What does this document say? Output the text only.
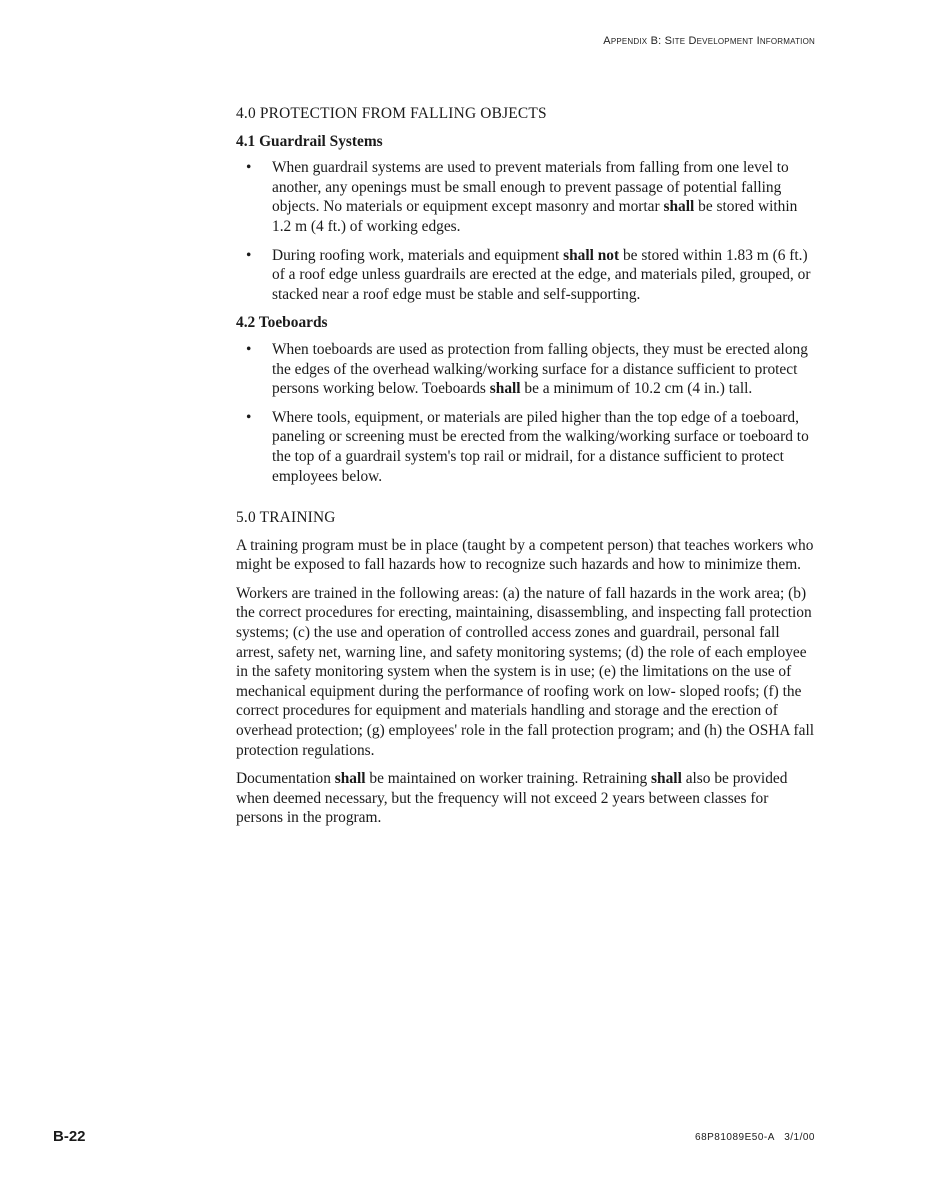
Appendix B: Site Development Information
4.0 PROTECTION FROM FALLING OBJECTS
4.1 Guardrail Systems
• When guardrail systems are used to prevent materials from falling from one level to another, any openings must be small enough to prevent passage of potential falling objects. No materials or equipment except masonry and mortar shall be stored within 1.2 m (4 ft.) of working edges.
• During roofing work, materials and equipment shall not be stored within 1.83 m (6 ft.) of a roof edge unless guardrails are erected at the edge, and materials piled, grouped, or stacked near a roof edge must be stable and self-supporting.
4.2 Toeboards
• When toeboards are used as protection from falling objects, they must be erected along the edges of the overhead walking/working surface for a distance sufficient to protect persons working below. Toeboards shall be a minimum of 10.2 cm (4 in.) tall.
• Where tools, equipment, or materials are piled higher than the top edge of a toeboard, paneling or screening must be erected from the walking/working surface or toeboard to the top of a guardrail system's top rail or midrail, for a distance sufficient to protect employees below.
5.0 TRAINING

A training program must be in place (taught by a competent person) that teaches workers who might be exposed to fall hazards how to recognize such hazards and how to minimize them.

Workers are trained in the following areas: (a) the nature of fall hazards in the work area; (b) the correct procedures for erecting, maintaining, disassembling, and inspecting fall protection systems; (c) the use and operation of controlled access zones and guardrail, personal fall arrest, safety net, warning line, and safety monitoring systems; (d) the role of each employee in the safety monitoring system when the system is in use; (e) the limitations on the use of mechanical equipment during the performance of roofing work on low- sloped roofs; (f) the correct procedures for equipment and materials handling and storage and the erection of overhead protection; (g) employees' role in the fall protection program; and (h) the OSHA fall protection regulations.

Documentation shall be maintained on worker training. Retraining shall also be provided when deemed necessary, but the frequency will not exceed 2 years between classes for persons in the program.

B-22	68P81089E50-A   3/1/00
